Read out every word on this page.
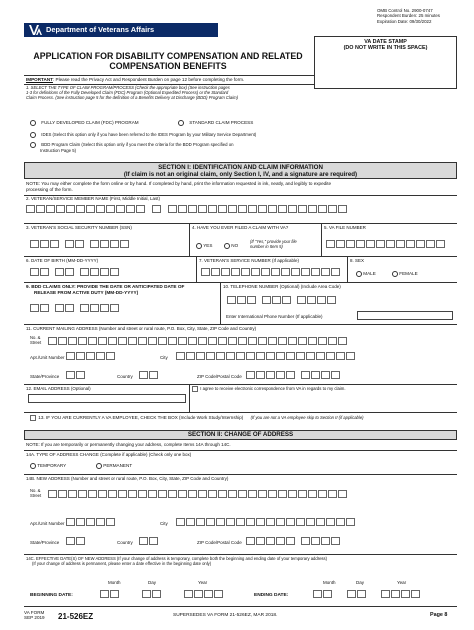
OMB Control No. 2900-0747
Respondent Burden: 25 minutes
Expiration Date: 09/30/2022
Department of Veterans Affairs
VA DATE STAMP
(DO NOT WRITE IN THIS SPACE)
APPLICATION FOR DISABILITY COMPENSATION AND RELATED
COMPENSATION BENEFITS
IMPORTANT: Please read the Privacy Act and Respondent Burden on page 12 before completing the form.
1. SELECT THE TYPE OF CLAIM PROGRAM/PROCESS (Check the appropriate box) (See instruction pages
1-3 for definitions of the Fully Developed Claim (FDC) Program (Optional Expedited Process) or the Standard
Claim Process. (See instruction page 5 for the definition of a Benefits Delivery at Discharge (BDD) Program Claim)
FULLY DEVELOPED CLAIM (FDC) PROGRAM	STANDARD CLAIM PROCESS
IDES (Select this option only if you have been referred to the IDES Program by your Military Service Department)
BDD Program Claim (Select this option only if you meet the criteria for the BDD Program specified on
Instruction Page 5)
SECTION I: IDENTIFICATION AND CLAIM INFORMATION
(If claim is not an original claim, only Section I, IV, and a signature are required)
NOTE: You may either complete the form online or by hand. If completed by hand, print the information requested in ink, neatly, and legibly to expedite
processing of the form.
2. VETERAN/SERVICE MEMBER NAME (First, Middle Initial, Last)
3. VETERAN'S SOCIAL SECURITY NUMBER (SSN)	4. HAVE YOU EVER FILED A CLAIM WITH VA?
YES	NO
(If "Yes," provide your file
number in Item 5)
5. VA FILE NUMBER
6. DATE OF BIRTH (MM-DD-YYYY)	7. VETERAN'S SERVICE NUMBER (If applicable)	8. SEX
MALE	FEMALE
9. BDD CLAIMS ONLY: PROVIDE THE DATE OR ANTICIPATED DATE OF
RELEASE FROM ACTIVE DUTY (MM-DD-YYYY)
10. TELEPHONE NUMBER (Optional) (Include Area Code)
Enter International Phone Number (If applicable)
11. CURRENT MAILING ADDRESS (Number and street or rural route, P.O. Box, City, State, ZIP Code and Country)
No. &
Street
Apt./Unit Number	City
State/Province	Country	ZIP Code/Postal Code
12. EMAIL ADDRESS (Optional)	I agree to receive electronic correspondence from VA in regards to my claim.
13. IF YOU ARE CURRENTLY A VA EMPLOYEE, CHECK THE BOX (Include Work Study/Internship) (If you are not a VA employee skip to Section II (if applicable)
SECTION II: CHANGE OF ADDRESS
NOTE: If you are temporarily or permanently changing your address, complete Items 14A through 14C.
14A. TYPE OF ADDRESS CHANGE (Complete if applicable) (Check only one box)
TEMPORARY	PERMANENT
14B. NEW ADDRESS (Number and street or rural route, P.O. Box, City, State, ZIP Code and Country)
No. &
Street
Apt./Unit Number	City
State/Province	Country	ZIP Code/Postal Code
14C. EFFECTIVE DATE(S) OF NEW ADDRESS (If your change of address is temporary, complete both the beginning and ending date of your temporary address)
(If your change of address is permanent, please enter a date effective in the beginning date only)
Month	Day	Year	Month	Day	Year
BEGINNING DATE:	ENDING DATE:
VA FORM
SEP 2019 21-526EZ	SUPERSEDES VA FORM 21-526EZ, MAR 2018.	Page 8
